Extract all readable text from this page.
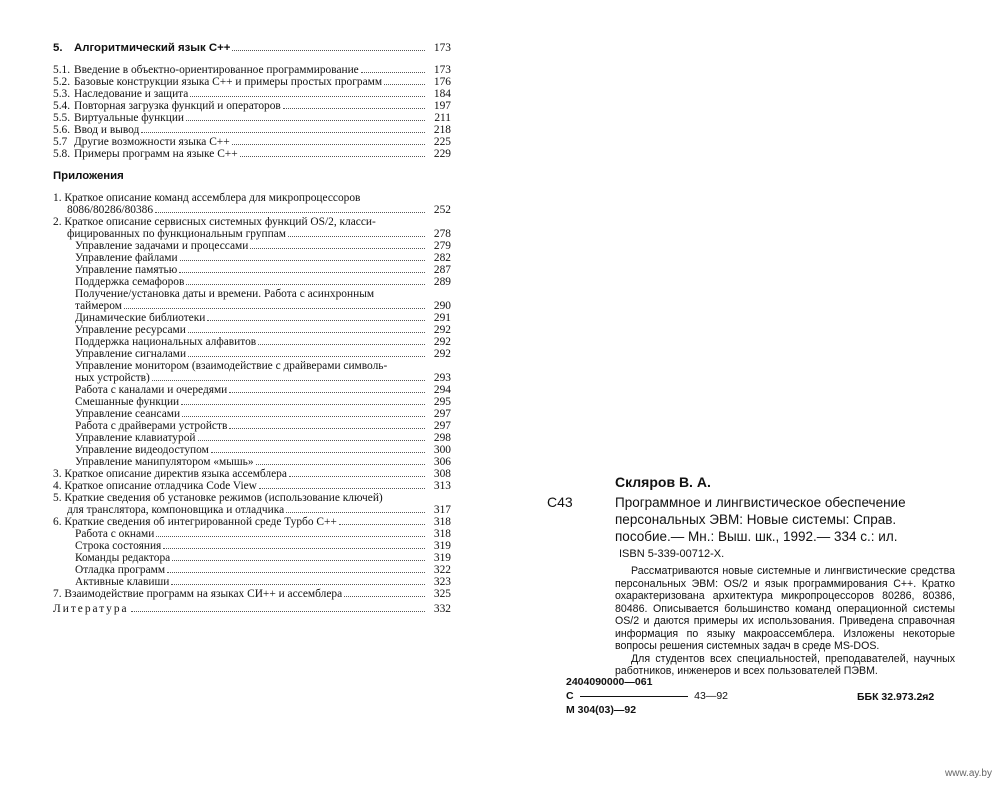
5. Алгоритмический язык С++	173
5.1. Введение в объектно-ориентированное программирование	173
5.2. Базовые конструкции языка С++ и примеры простых программ	176
5.3. Наследование и защита	184
5.4. Повторная загрузка функций и операторов	197
5.5. Виртуальные функции	211
5.6. Ввод и вывод	218
5.7 Другие возможности языка С++	225
5.8. Примеры программ на языке С++	229
Приложения
1. Краткое описание команд ассемблера для микропроцессоров
8086/80286/80386	252
2. Краткое описание сервисных системных функций OS/2, класси-
фицированных по функциональным группам	278
Управление задачами и процессами	279
Управление файлами	282
Управление памятью	287
Поддержка семафоров	289
Получение/установка даты и времени. Работа с асинхронным
таймером	290
Динамические библиотеки	291
Управление ресурсами	292
Поддержка национальных алфавитов	292
Управление сигналами	292
Управление монитором (взаимодействие с драйверами символь-
ных устройств)	293
Работа с каналами и очередями	294
Смешанные функции	295
Управление сеансами	297
Работа с драйверами устройств	297
Управление клавиатурой	298
Управление видеодоступом	300
Управление манипулятором «мышь»	306
3. Краткое описание директив языка ассемблера	308
4. Краткое описание отладчика Code View	313
5. Краткие сведения об установке режимов (использование ключей)
для транслятора, компоновщика и отладчика	317
6. Краткие сведения об интегрированной среде Турбо С++	318
Работа с окнами	318
Строка состояния	319
Команды редактора	319
Отладка программ	322
Активные клавиши	323
7. Взаимодействие программ на языках СИ++ и ассемблера	325
Литература	332
Скляров В. А.
С43	Программное и лингвистическое обеспечение персональных ЭВМ: Новые системы: Справ. пособие.— Мн.: Выш. шк., 1992.— 334 с.: ил.
ISBN 5-339-00712-X.

Рассматриваются новые системные и лингвистические средства персональных ЭВМ: OS/2 и язык программирования С++. Кратко охарактеризована архитектура микропроцессоров 80286, 80386, 80486. Описывается большинство команд операционной системы OS/2 и даются примеры их использования. Приведена справочная информация по языку макроассемблера. Изложены некоторые вопросы решения системных задач в среде MS-DOS.

Для студентов всех специальностей, преподавателей, научных работников, инженеров и всех пользователей ПЭВМ.

2404090000—061
С	43—92
М 304(03)—92
ББК 32.973.2я2
www.ay.by
